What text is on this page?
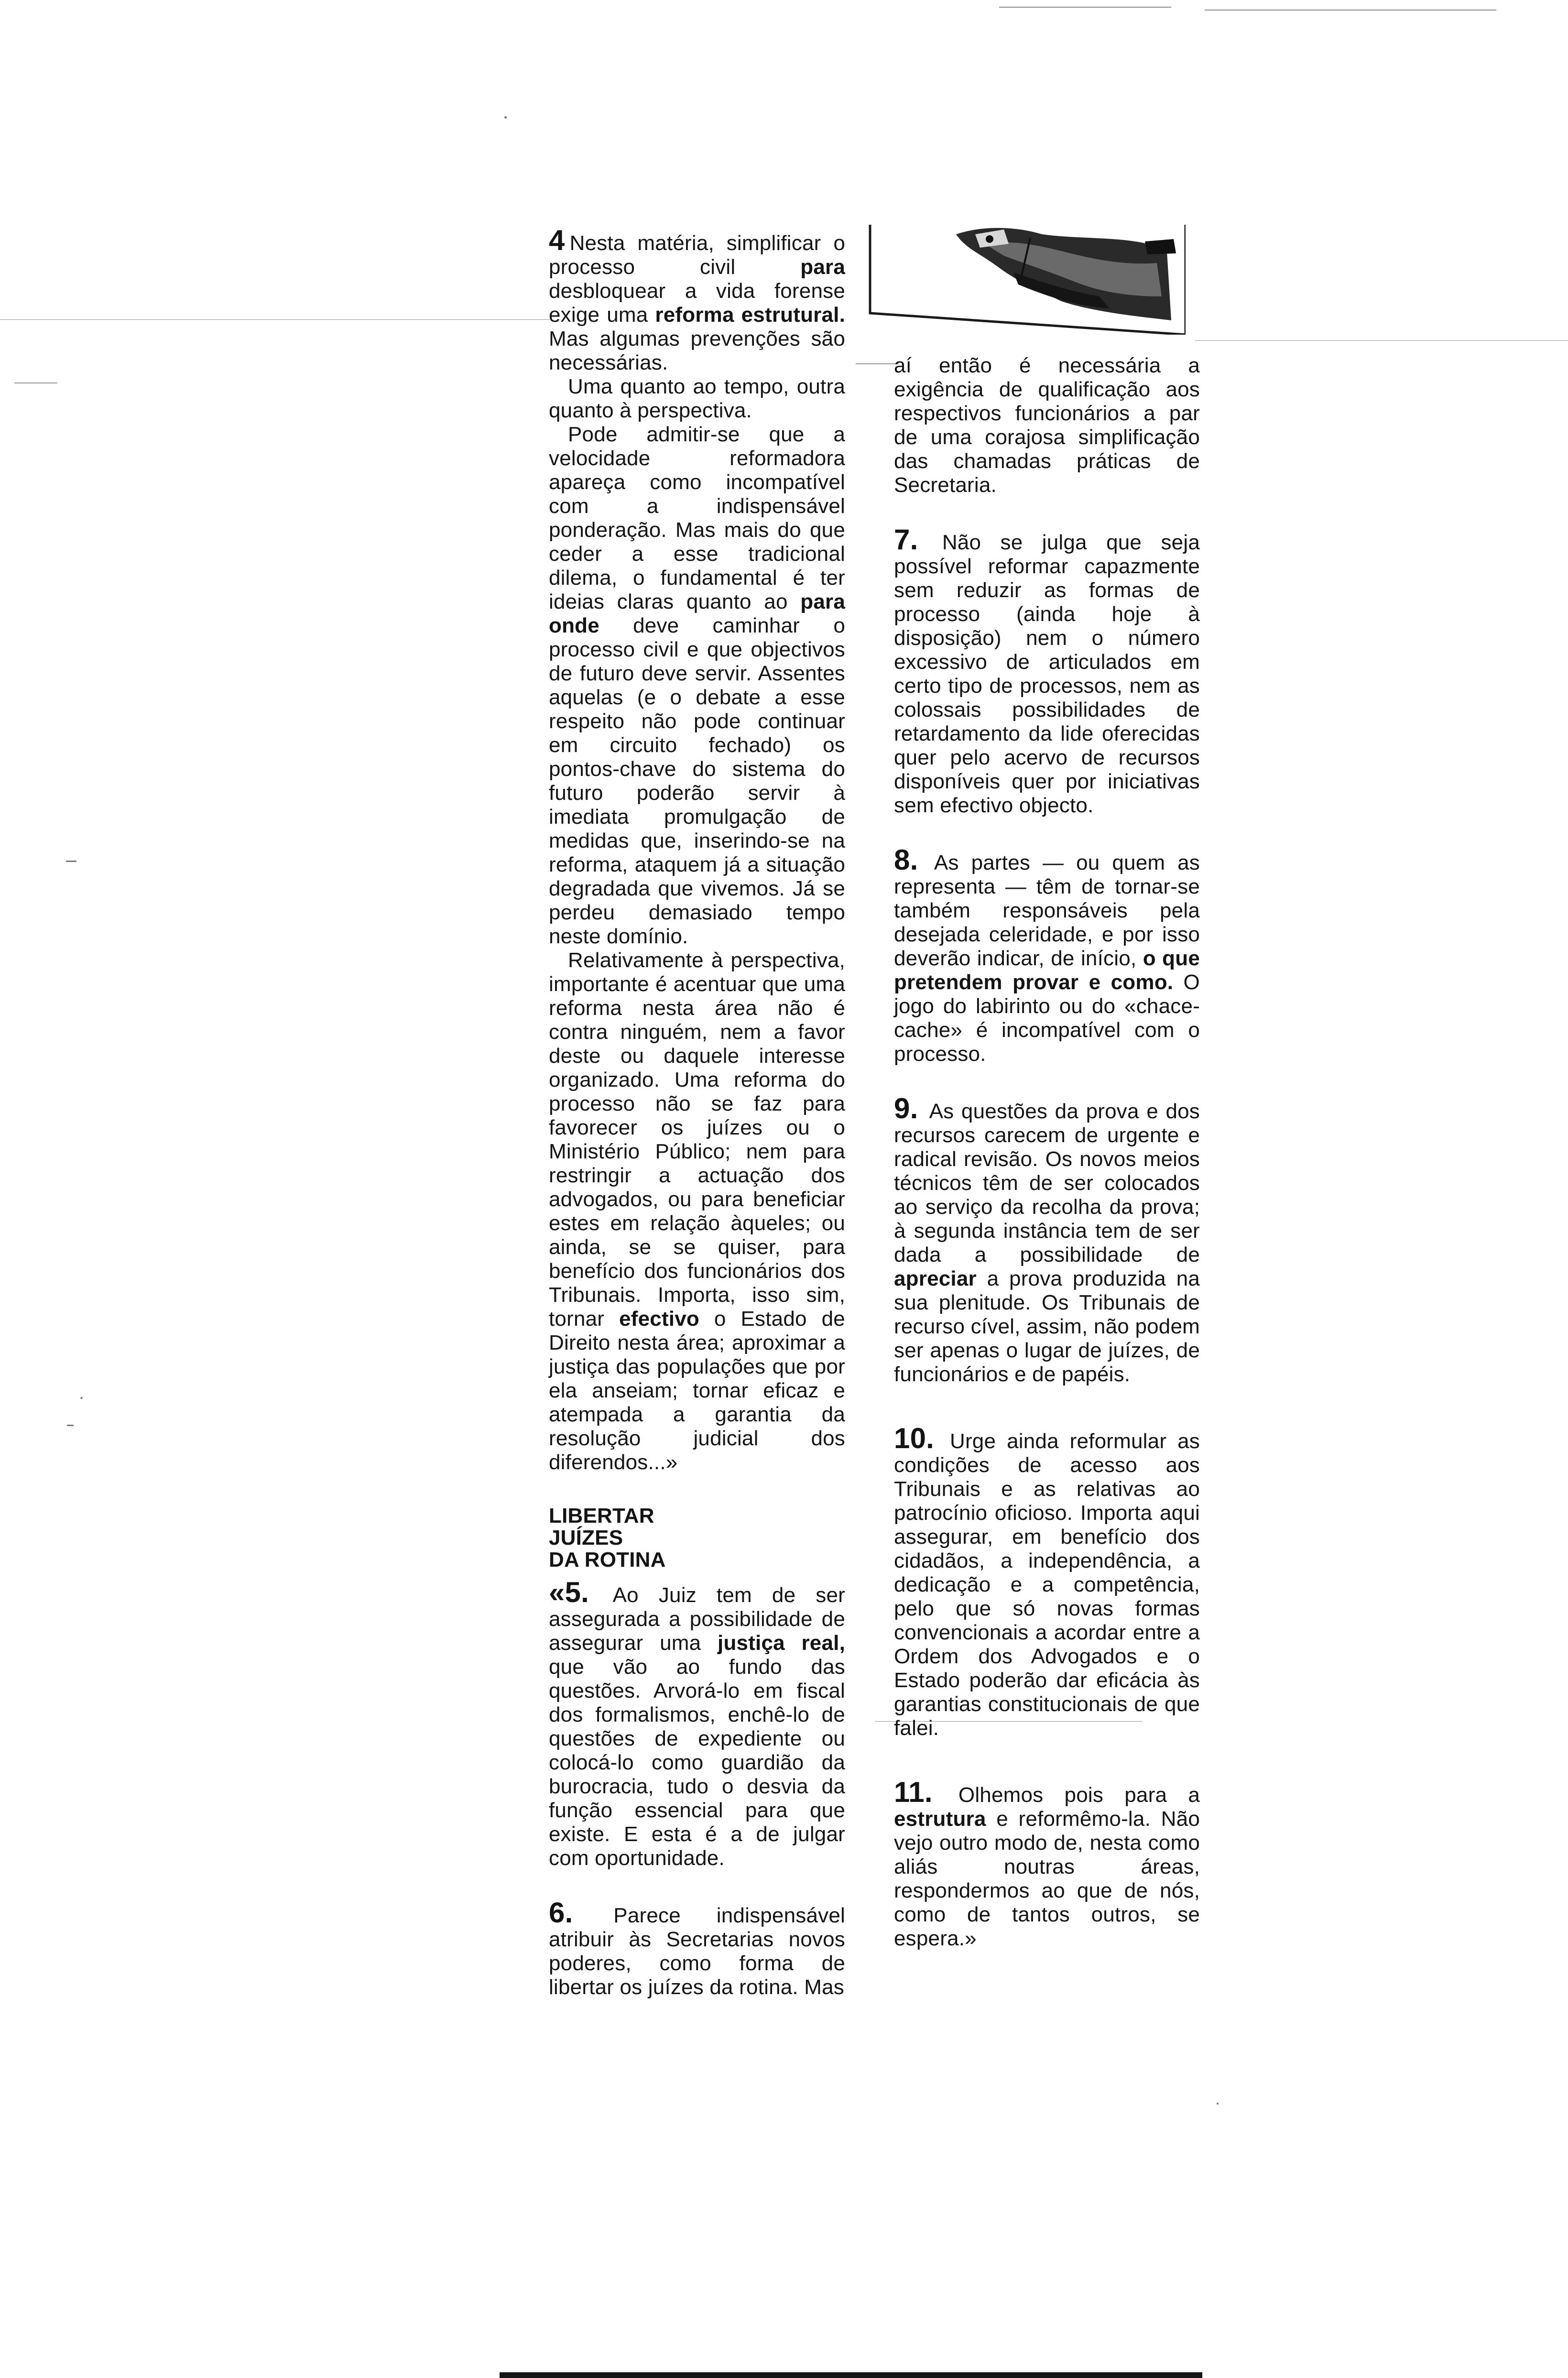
4 Nesta matéria, simplificar o processo civil para desbloquear a vida forense exige uma reforma estrutural. Mas algumas prevenções são necessárias.

Uma quanto ao tempo, outra quanto à perspectiva.

Pode admitir-se que a velocidade reformadora apareça como incompatível com a indispensável ponderação. Mas mais do que ceder a esse tradicional dilema, o fundamental é ter ideias claras quanto ao para onde deve caminhar o processo civil e que objectivos de futuro deve servir. Assentes aquelas (e o debate a esse respeito não pode continuar em circuito fechado) os pontos-chave do sistema do futuro poderão servir à imediata promulgação de medidas que, inserindo-se na reforma, ataquem já a situação degradada que vivemos. Já se perdeu demasiado tempo neste domínio.

Relativamente à perspectiva, importante é acentuar que uma reforma nesta área não é contra ninguém, nem a favor deste ou daquele interesse organizado. Uma reforma do processo não se faz para favorecer os juízes ou o Ministério Público; nem para restringir a actuação dos advogados, ou para beneficiar estes em relação àqueles; ou ainda, se se quiser, para benefício dos funcionários dos Tribunais. Importa, isso sim, tornar efectivo o Estado de Direito nesta área; aproximar a justiça das populações que por ela anseiam; tornar eficaz e atempada a garantia da resolução judicial dos diferendos...»

LIBERTAR
JUÍZES
DA ROTINA

«5. Ao Juiz tem de ser assegurada a possibilidade de assegurar uma justiça real, que vão ao fundo das questões. Arvorá-lo em fiscal dos formalismos, enchê-lo de questões de expediente ou colocá-lo como guardião da burocracia, tudo o desvia da função essencial para que existe. E esta é a de julgar com oportunidade.

6. Parece indispensável atribuir às Secretarias novos poderes, como forma de libertar os juízes da rotina. Mas

aí então é necessária a exigência de qualificação aos respectivos funcionários a par de uma corajosa simplificação das chamadas práticas de Secretaria.

7. Não se julga que seja possível reformar capazmente sem reduzir as formas de processo (ainda hoje à disposição) nem o número excessivo de articulados em certo tipo de processos, nem as colossais possibilidades de retardamento da lide oferecidas quer pelo acervo de recursos disponíveis quer por iniciativas sem efectivo objecto.

8. As partes — ou quem as representa — têm de tornar-se também responsáveis pela desejada celeridade, e por isso deverão indicar, de início, o que pretendem provar e como. O jogo do labirinto ou do «chace-cache» é incompatível com o processo.

9. As questões da prova e dos recursos carecem de urgente e radical revisão. Os novos meios técnicos têm de ser colocados ao serviço da recolha da prova; à segunda instância tem de ser dada a possibilidade de apreciar a prova produzida na sua plenitude. Os Tribunais de recurso cível, assim, não podem ser apenas o lugar de juízes, de funcionários e de papéis.

10. Urge ainda reformular as condições de acesso aos Tribunais e as relativas ao patrocínio oficioso. Importa aqui assegurar, em benefício dos cidadãos, a independência, a dedicação e a competência, pelo que só novas formas convencionais a acordar entre a Ordem dos Advogados e o Estado poderão dar eficácia às garantias constitucionais de que falei.

11. Olhemos pois para a estrutura e reformêmo-la. Não vejo outro modo de, nesta como aliás noutras áreas, respondermos ao que de nós, como de tantos outros, se espera.»
